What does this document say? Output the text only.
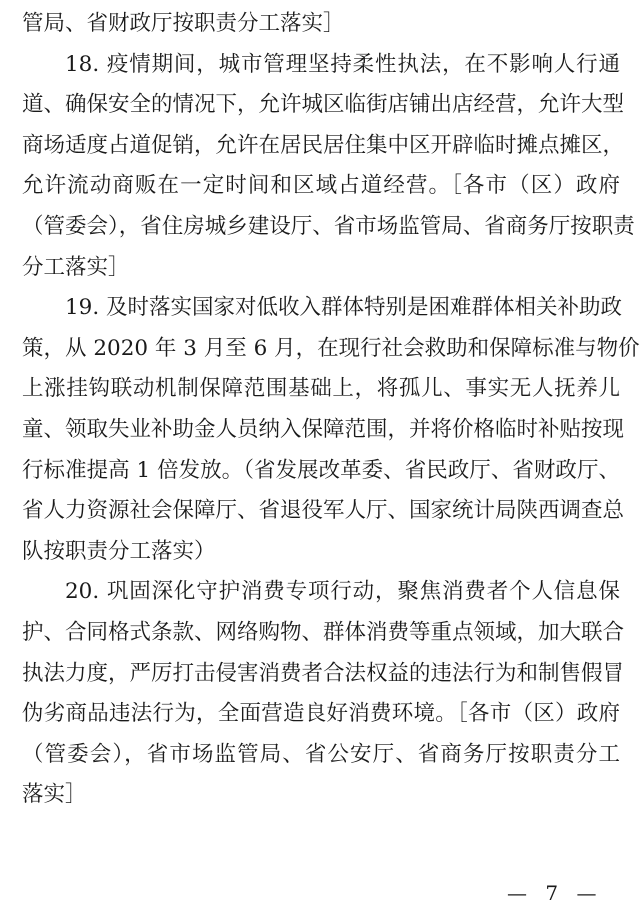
管局、省财政厅按职责分工落实］
18. 疫情期间，城市管理坚持柔性执法，在不影响人行通
道、确保安全的情况下，允许城区临街店铺出店经营，允许大型
商场适度占道促销，允许在居民居住集中区开辟临时摊点摊区，
允许流动商贩在一定时间和区域占道经营。［各市（区）政府
（管委会），省住房城乡建设厅、省市场监管局、省商务厅按职责
分工落实］
19. 及时落实国家对低收入群体特别是困难群体相关补助政
策，从 2020 年 3 月至 6 月，在现行社会救助和保障标准与物价
上涨挂钩联动机制保障范围基础上，将孤儿、事实无人抚养儿
童、领取失业补助金人员纳入保障范围，并将价格临时补贴按现
行标准提高 1 倍发放。（省发展改革委、省民政厅、省财政厅、
省人力资源社会保障厅、省退役军人厅、国家统计局陕西调查总
队按职责分工落实）
20. 巩固深化守护消费专项行动，聚焦消费者个人信息保
护、合同格式条款、网络购物、群体消费等重点领域，加大联合
执法力度，严厉打击侵害消费者合法权益的违法行为和制售假冒
伪劣商品违法行为，全面营造良好消费环境。［各市（区）政府
（管委会），省市场监管局、省公安厅、省商务厅按职责分工
落实］
— 7 —
